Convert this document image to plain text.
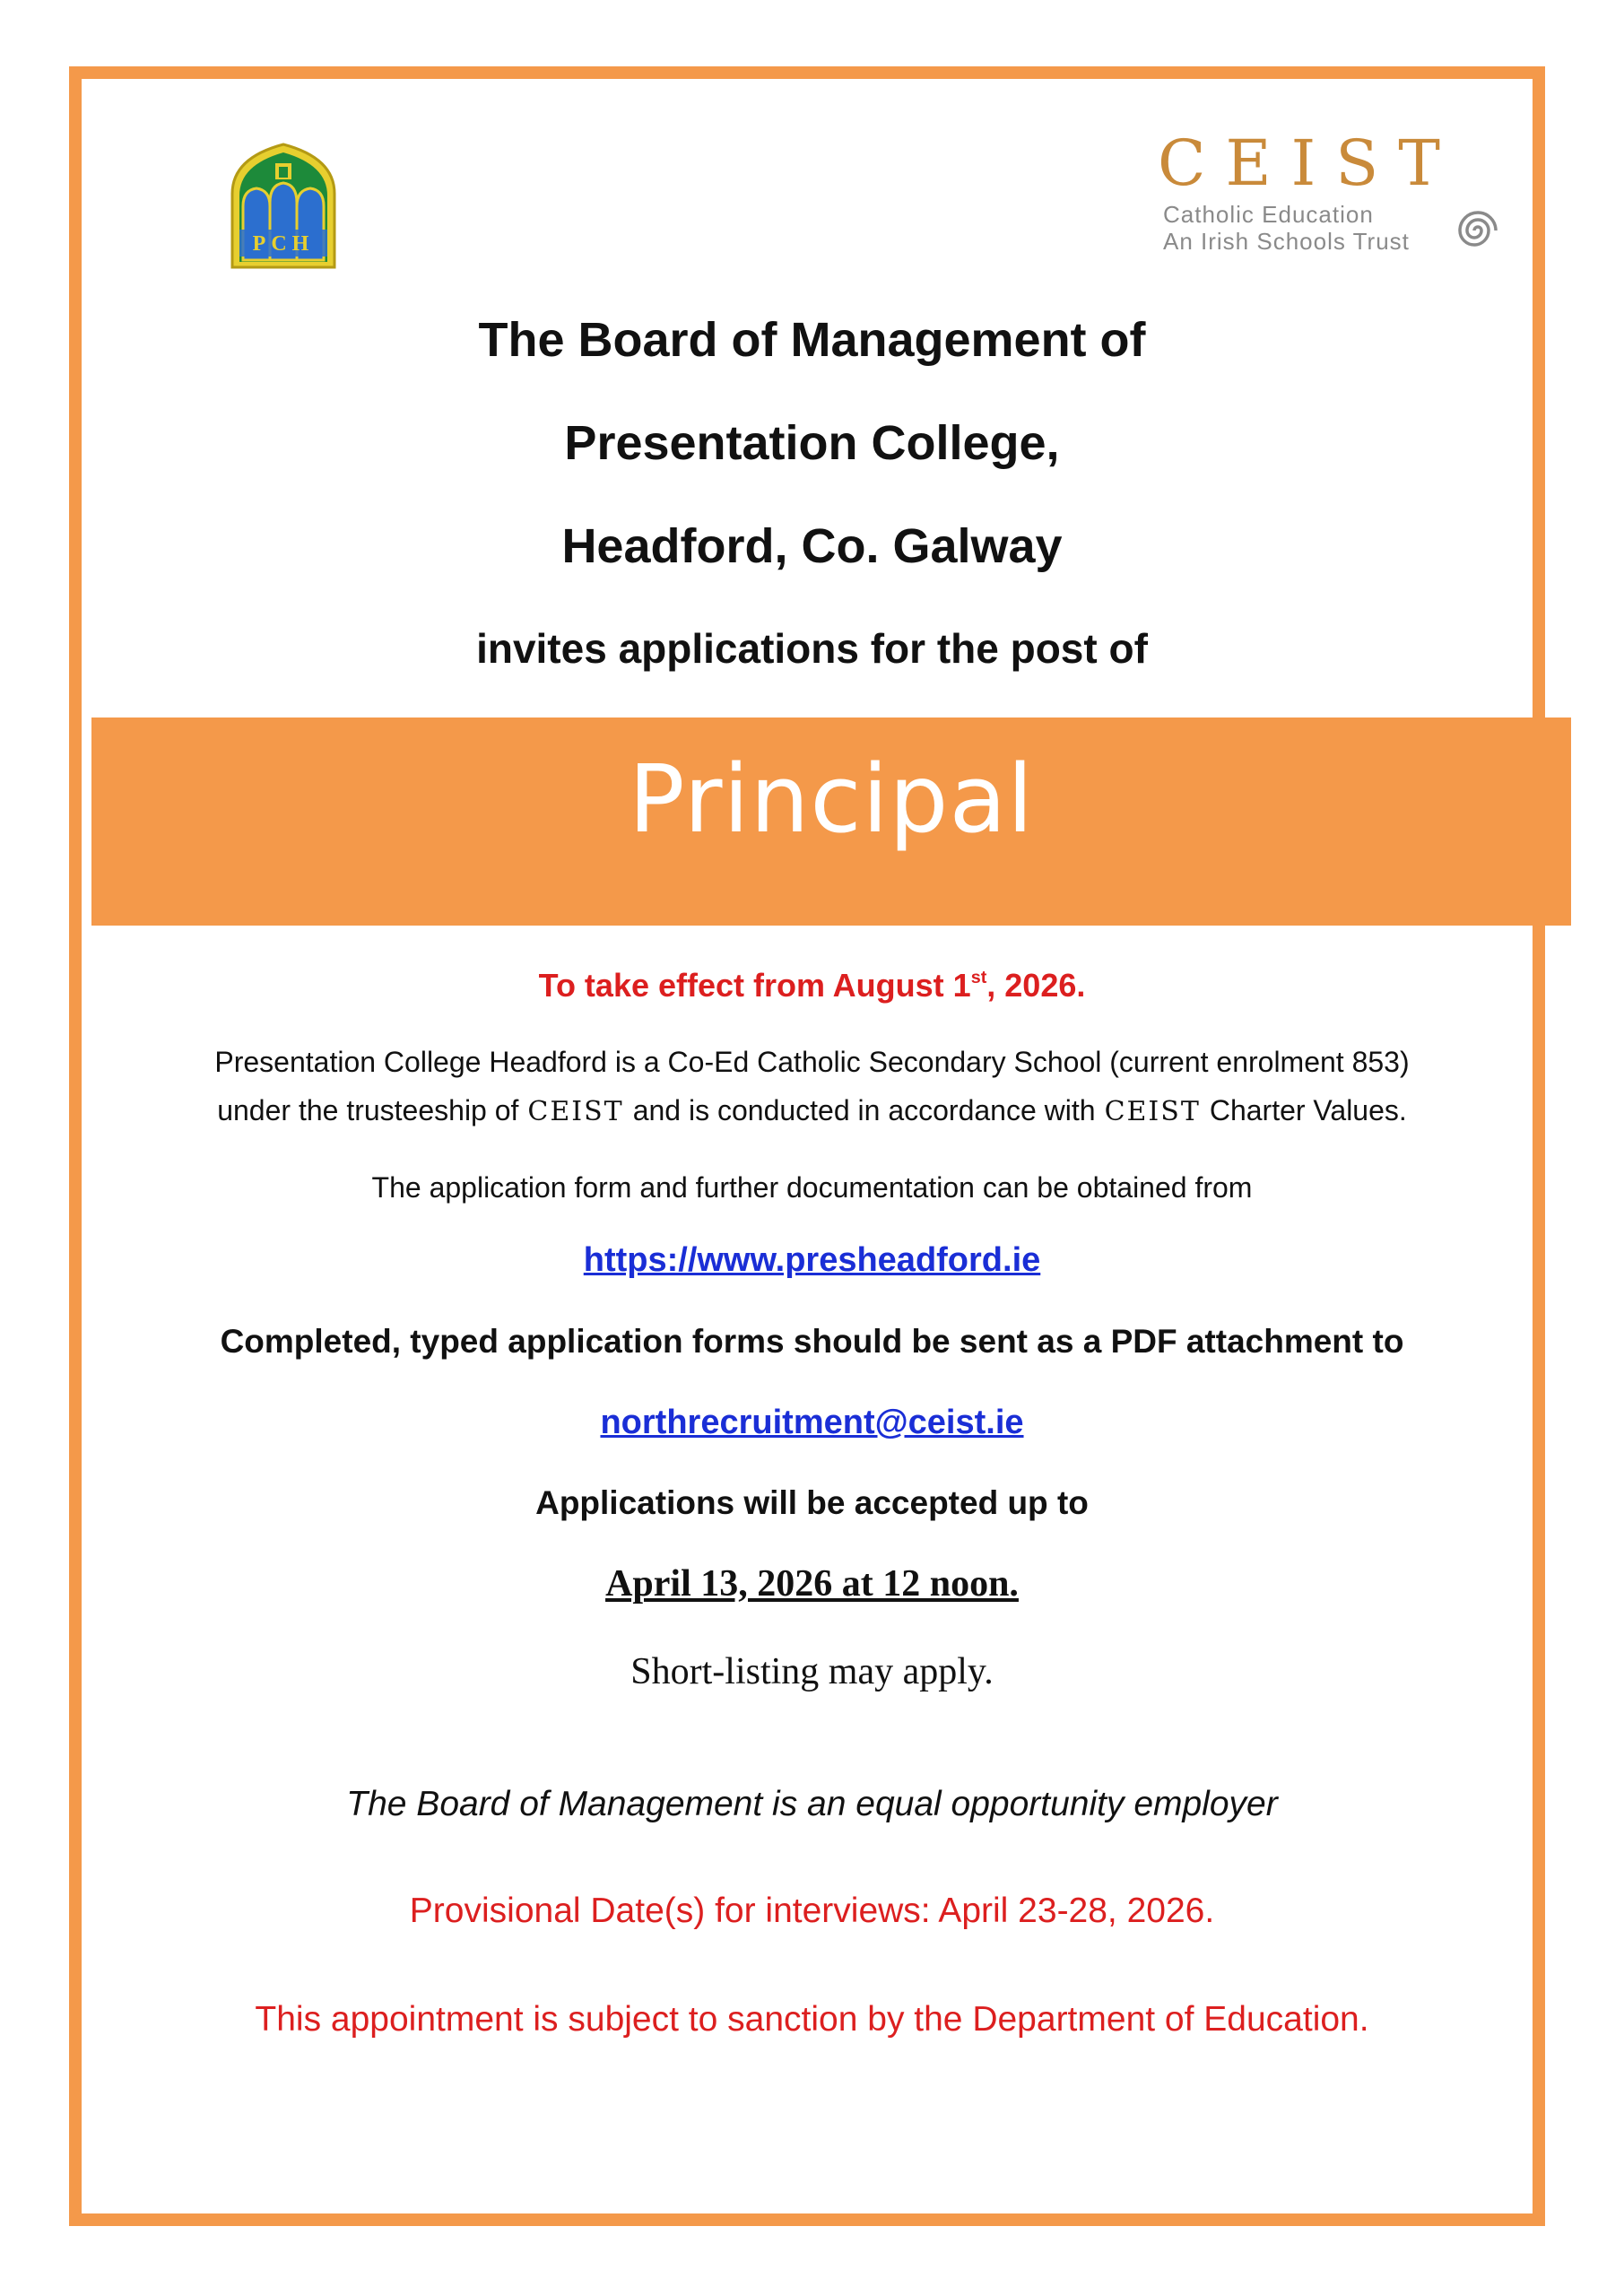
PCH
CEIST
Catholic Education
An Irish Schools Trust
The Board of Management of
Presentation College,
Headford, Co. Galway
invites applications for the post of
Principal
To take effect from August 1st, 2026.
Presentation College Headford is a Co-Ed Catholic Secondary School (current enrolment 853)
under the trusteeship of CEIST and is conducted in accordance with CEIST Charter Values.
The application form and further documentation can be obtained from
https://www.presheadford.ie
Completed, typed application forms should be sent as a PDF attachment to
northrecruitment@ceist.ie
Applications will be accepted up to
April 13, 2026 at 12 noon.
Short-listing may apply.
The Board of Management is an equal opportunity employer
Provisional Date(s) for interviews: April 23-28, 2026.
This appointment is subject to sanction by the Department of Education.
